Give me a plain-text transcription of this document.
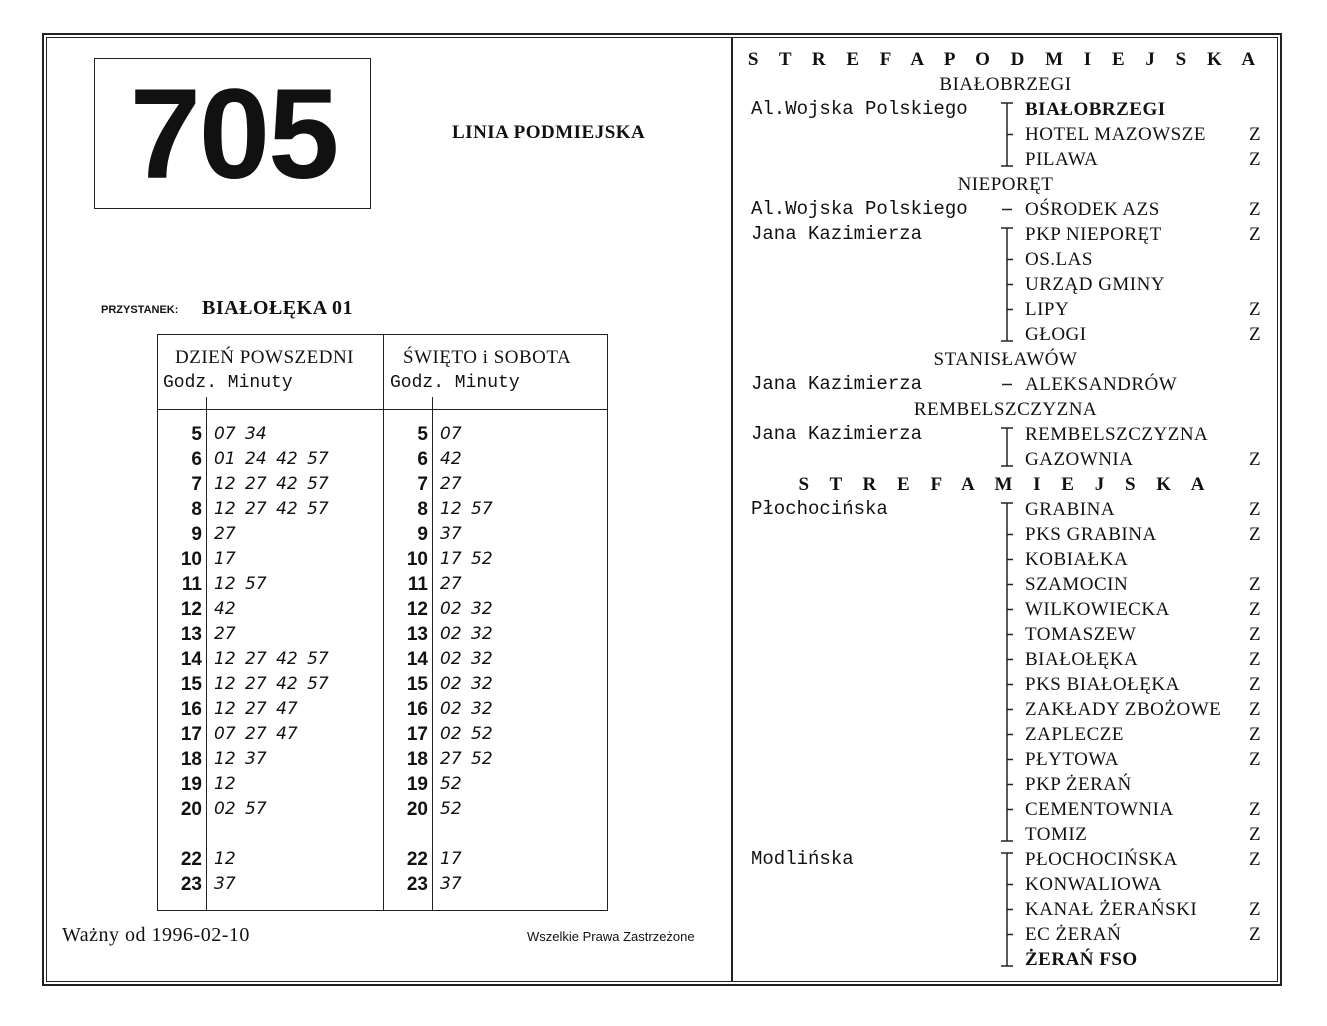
705	LINIA PODMIEJSKA
PRZYSTANEK: BIAŁOŁĘKA 01
DZIEŃ POWSZEDNI
Godz. Minuty
5 07 34
6 01 24 42 57
7 12 27 42 57
8 12 27 42 57
9 27
10 17
11 12 57
12 42
13 27
14 12 27 42 57
15 12 27 42 57
16 12 27 47
17 07 27 47
18 12 37
19 12
20 02 57
22 12
23 37
ŚWIĘTO i SOBOTA
Godz. Minuty
5 07
6 42
7 27
8 12 57
9 37
10 17 52
11 27
12 02 32
13 02 32
14 02 32
15 02 32
16 02 32
17 02 52
18 27 52
19 52
20 52
22 17
23 37
Ważny od 1996-02-10	Wszelkie Prawa Zastrzeżone
S T R E F A P O D M I E J S K A
BIAŁOBRZEGI
Al.Wojska Polskiego	BIAŁOBRZEGI
HOTEL MAZOWSZE Z
PILAWA	Z
NIEPORĘT
Al.Wojska Polskiego	OŚRODEK AZS	Z
Jana Kazimierza	PKP NIEPORĘT	Z
OS.LAS
URZĄD GMINY
LIPY	Z
GŁOGI	Z
STANISŁAWÓW
Jana Kazimierza	ALEKSANDRÓW
REMBELSZCZYZNA
Jana Kazimierza	REMBELSZCZYZNA
GAZOWNIA	Z
S T R E F A M I E J S K A
Płochocińska	GRABINA	Z
PKS GRABINA	Z
KOBIAŁKA
SZAMOCIN	Z
WILKOWIECKA	Z
TOMASZEW	Z
BIAŁOŁĘKA	Z
PKS BIAŁOŁĘKA	Z
ZAKŁADY ZBOŻOWE Z
ZAPLECZE	Z
PŁYTOWA	Z
PKP ŻERAŃ
CEMENTOWNIA	Z
TOMIZ	Z
Modlińska	PŁOCHOCIŃSKA	Z
KONWALIOWA
KANAŁ ŻERAŃSKI	Z
EC ŻERAŃ	Z
ŻERAŃ FSO
